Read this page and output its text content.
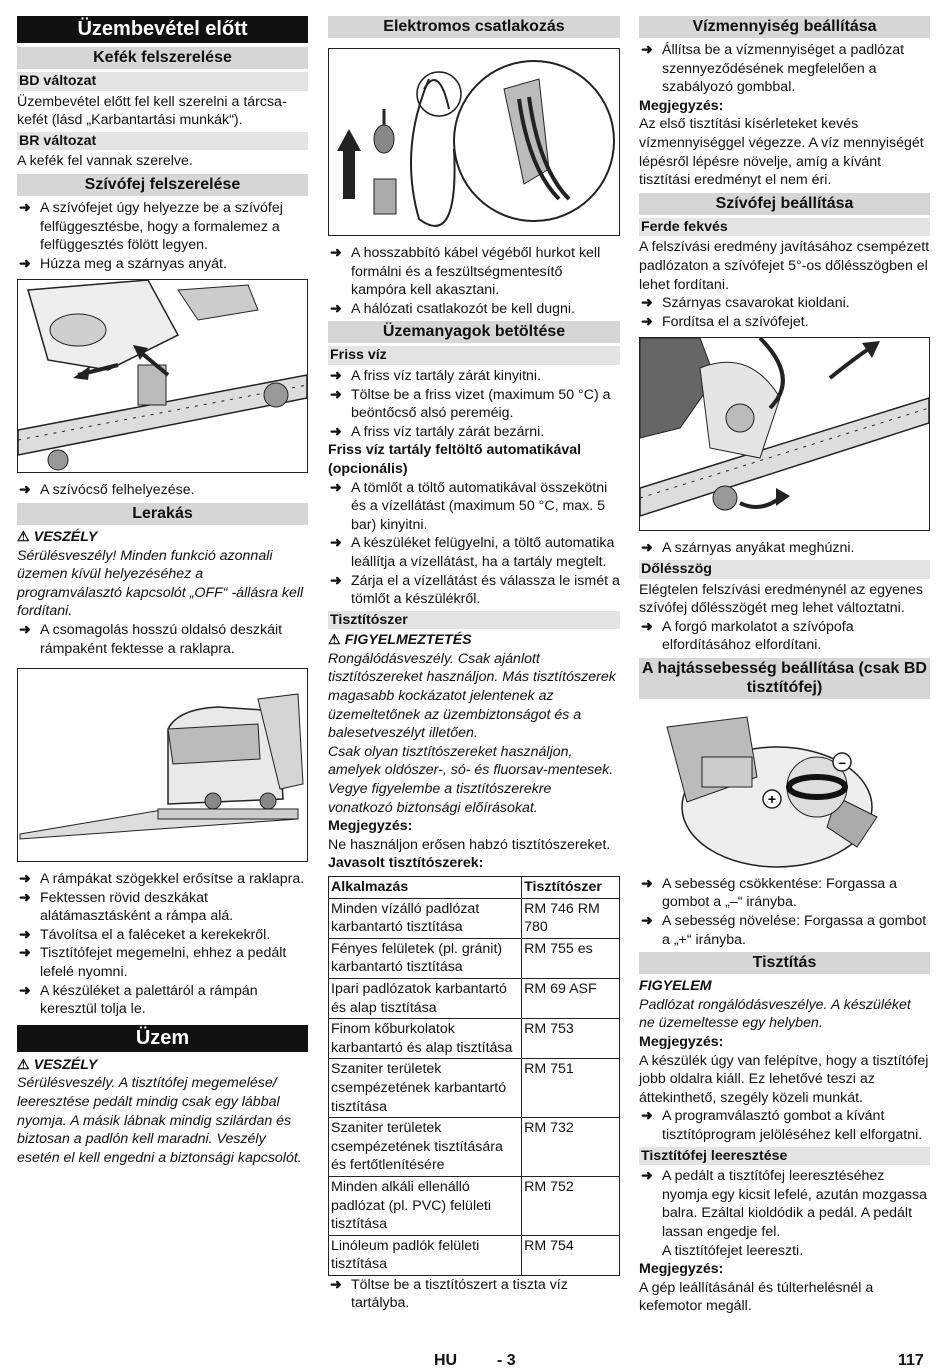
Üzembevétel előtt
Kefék felszerelése
BD változat

Üzembevétel előtt fel kell szerelni a tárcsa-kefét (lásd „Karbantartási munkák“).

BR változat

A kefék fel vannak szerelve.

Szívófej felszerelése

➜ A szívófejet úgy helyezze be a szívófej felfüggesztésbe, hogy a formalemez a felfüggesztés fölött legyen.

➜ Húzza meg a szárnyas anyát.

➜ A szívócső felhelyezése.

Lerakás

⚠ VESZÉLY

Sérülésveszély! Minden funkció azonnali üzemen kívül helyezéséhez a programválasztó kapcsolót „OFF“ -állásra kell fordítani.

➜ A csomagolás hosszú oldalsó deszkáit rámpaként fektesse a raklapra.

➜ A rámpákat szögekkel erősítse a raklapra.

➜ Fektessen rövid deszkákat alátámasztásként a rámpa alá.

➜ Távolítsa el a faléceket a kerekekről.

➜ Tisztítófejet megemelni, ehhez a pedált lefelé nyomni.

➜ A készüléket a palettáról a rámpán keresztül tolja le.

Üzem

⚠ VESZÉLY

Sérülésveszély. A tisztítófej megemelése/ leeresztése pedált mindig csak egy lábbal nyomja. A másik lábnak mindig szilárdan és biztosan a padlón kell maradni. Veszély esetén el kell engedni a biztonsági kapcsolót.

Elektromos csatlakozás

➜ A hosszabbító kábel végéből hurkot kell formálni és a feszültségmentesítő kampóra kell akasztani.

➜ A hálózati csatlakozót be kell dugni.

Üzemanyagok betöltése
Friss víz

➜ A friss víz tartály zárát kinyitni.

➜ Töltse be a friss vizet (maximum 50 °C) a beöntőcső alsó pereméig.

➜ A friss víz tartály zárát bezárni.

Friss víz tartály feltöltő automatikával (opcionális)

➜ A tömlőt a töltő automatikával összekötni és a vízellátást (maximum 50 °C, max. 5 bar) kinyitni.

➜ A készüléket felügyelni, a töltő automatika leállítja a vízellátást, ha a tartály megtelt.

➜ Zárja el a vízellátást és válassza le ismét a tömlőt a készülékről.

Tisztítószer

⚠ FIGYELMEZTETÉS

Rongálódásveszély. Csak ajánlott tisztítószereket használjon. Más tisztítószerek magasabb kockázatot jelentenek az üzemeltetőnek az üzembiztonságot és a balesetveszélyt illetően.

Csak olyan tisztítószereket használjon, amelyek oldószer-, só- és fluorsav-mentesek.

Vegye figyelembe a tisztítószerekre vonatkozó biztonsági előírásokat.

Megjegyzés:

Ne használjon erősen habzó tisztítószereket.

Javasolt tisztítószerek:

Alkalmazás	Tisztítószer
Minden vízálló padlózat karbantartó tisztítása	RM 746 RM 780
Fényes felületek (pl. gránit) karbantartó tisztítása	RM 755 es
Ipari padlózatok karbantartó és alap tisztítása	RM 69 ASF
Finom kőburkolatok karbantartó és alap tisztítása	RM 753
Szaniter területek csempézetének karbantartó tisztítása	RM 751
Szaniter területek csempézetének tisztítására és fertőtlenítésére	RM 732
Minden alkáli ellenálló padlózat (pl. PVC) felületi tisztítása	RM 752
Linóleum padlók felületi tisztítása	RM 754

➜ Töltse be a tisztítószert a tiszta víz tartályba.

Vízmennyiség beállítása

➜ Állítsa be a vízmennyiséget a padlózat szennyeződésének megfelelően a szabályozó gombbal.

Megjegyzés:

Az első tisztítási kísérleteket kevés vízmennyiséggel végezze. A víz mennyiségét lépésről lépésre növelje, amíg a kívánt tisztítási eredményt el nem éri.

Szívófej beállítása
Ferde fekvés

A felszívási eredmény javításához csempézett padlózaton a szívófejet 5°-os dőlésszögben el lehet fordítani.

➜ Szárnyas csavarokat kioldani.

➜ Fordítsa el a szívófejet.

➜ A szárnyas anyákat meghúzni.

Dőlésszög

Elégtelen felszívási eredménynél az egyenes szívófej dőlésszögét meg lehet változtatni.

➜ A forgó markolatot a szívópofa elfordításához elfordítani.

A hajtássebesség beállítása (csak BD tisztítófej)
–
+

➜ A sebesség csökkentése: Forgassa a gombot a „–“ irányba.

➜ A sebesség növelése: Forgassa a gombot a „+“ irányba.

Tisztítás

FIGYELEM

Padlózat rongálódásveszélye. A készüléket ne üzemeltesse egy helyben.

Megjegyzés:

A készülék úgy van felépítve, hogy a tisztítófej jobb oldalra kiáll. Ez lehetővé teszi az áttekinthető, szegély közeli munkát.

➜ A programválasztó gombot a kívánt tisztítóprogram jelöléséhez kell elforgatni.

Tisztítófej leeresztése

➜ A pedált a tisztítófej leeresztéséhez nyomja egy kicsit lefelé, azután mozgassa balra. Ezáltal kioldódik a pedál. A pedált lassan engedje fel.

A tisztítófejet leereszti.

Megjegyzés:

A gép leállításánál és túlterhelésnél a kefemotor megáll.

HU - 3	117
